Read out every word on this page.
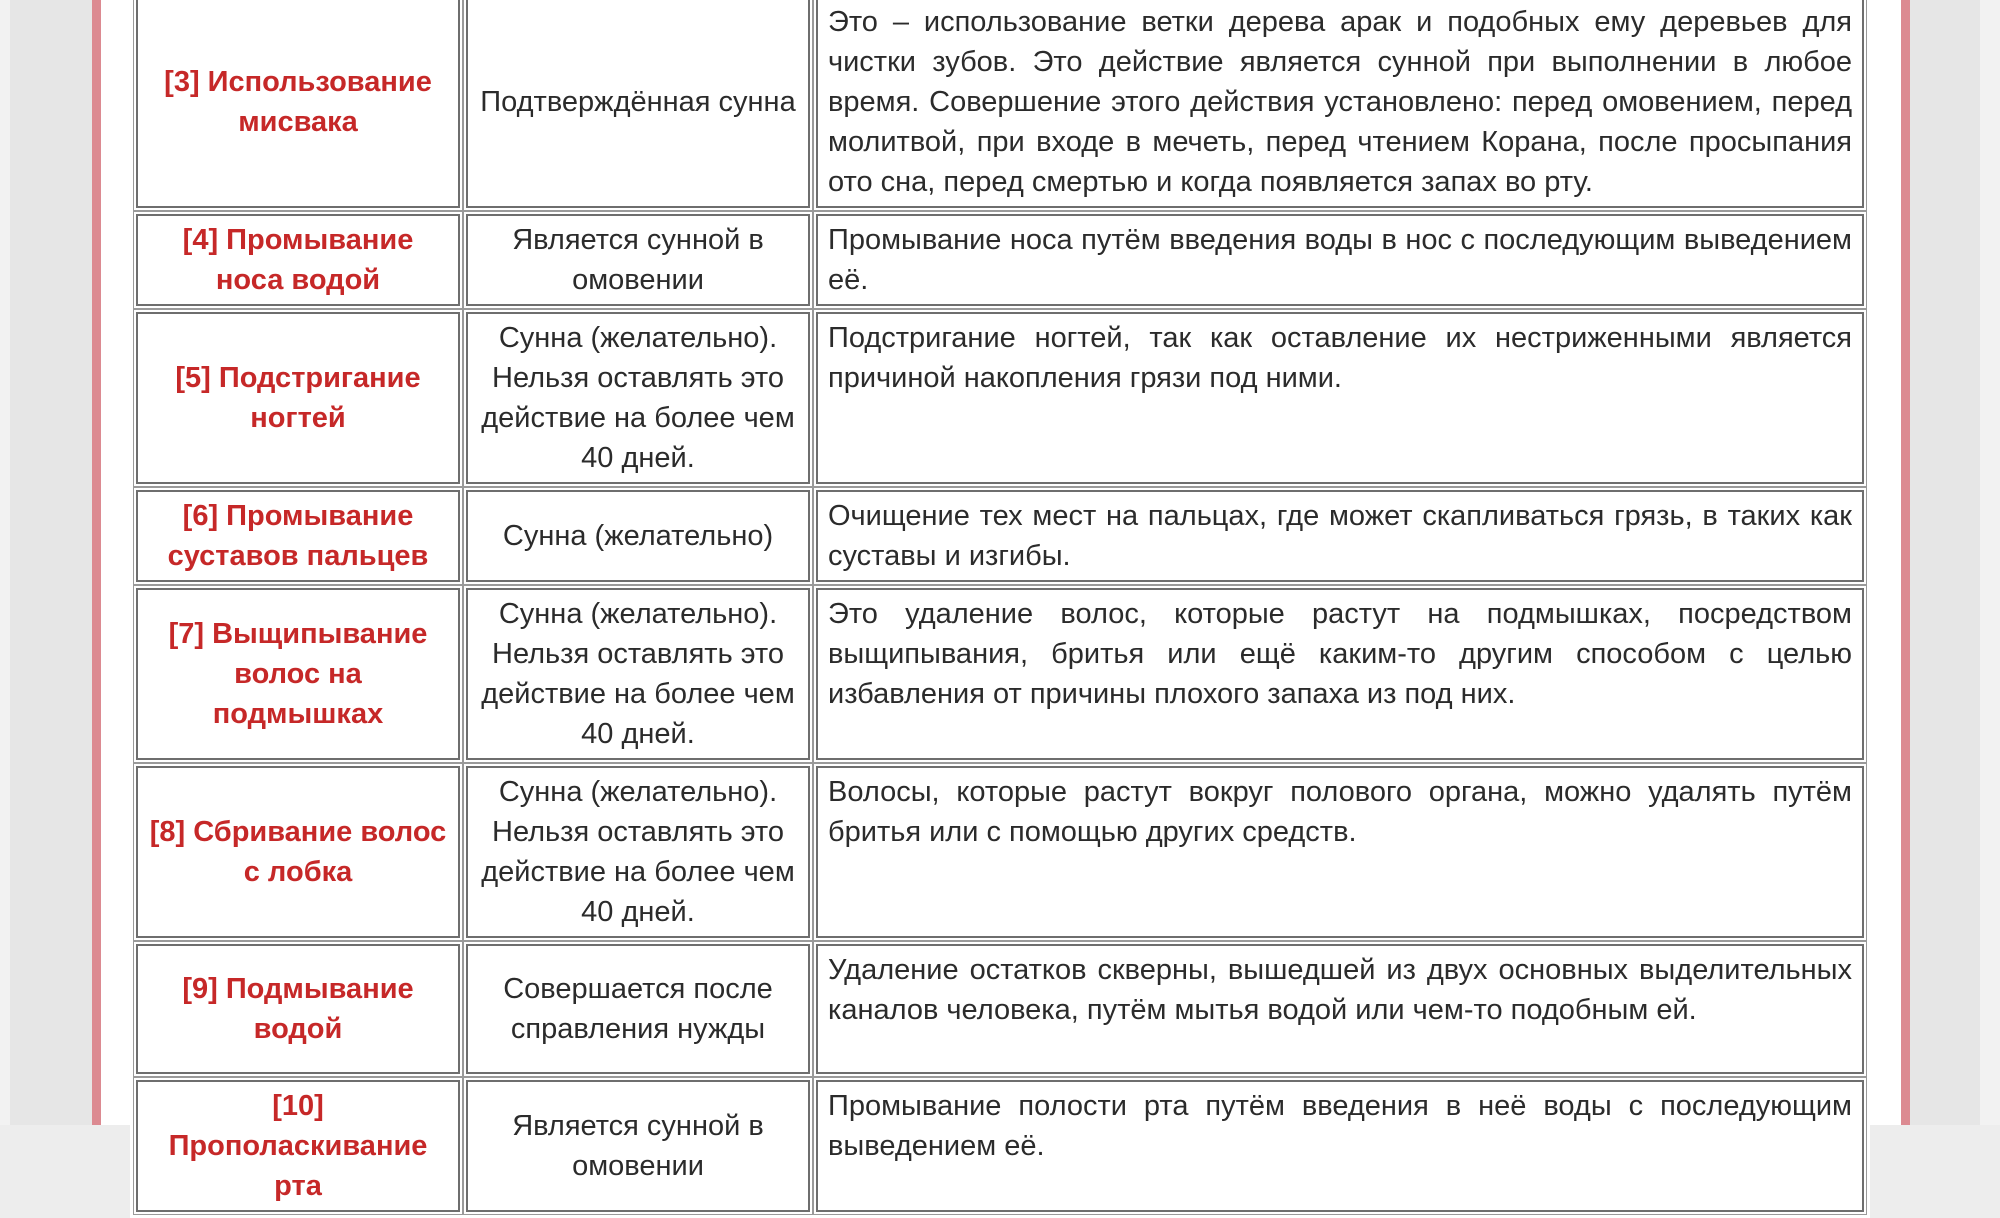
[3] Использование мисвака	Подтверждённая сунна	Это – использование ветки дерева арак и подобных ему деревьев для чистки зубов. Это действие является сунной при выполнении в любое время. Совершение этого действия установлено: перед омовением, перед молитвой, при входе в мечеть, перед чтением Корана, после просыпания ото сна, перед смертью и когда появляется запах во рту.
[4] Промывание носа водой	Является сунной в омовении	Промывание носа путём введения воды в нос с последующим выведением её.
[5] Подстригание ногтей	Сунна (желательно). Нельзя оставлять это действие на более чем 40 дней.	Подстригание ногтей, так как оставление их нестриженными является причиной накопления грязи под ними.
[6] Промывание суставов пальцев	Сунна (желательно)	Очищение тех мест на пальцах, где может скапливаться грязь, в таких как суставы и изгибы.
[7] Выщипывание волос на подмышках	Сунна (желательно). Нельзя оставлять это действие на более чем 40 дней.	Это удаление волос, которые растут на подмышках, посредством выщипывания, бритья или ещё каким-то другим способом с целью избавления от причины плохого запаха из под них.
[8] Сбривание волос с лобка	Сунна (желательно). Нельзя оставлять это действие на более чем 40 дней.	Волосы, которые растут вокруг полового органа, можно удалять путём бритья или с помощью других средств.
[9] Подмывание водой	Совершается после справления нужды	Удаление остатков скверны, вышедшей из двух основных выделительных каналов человека, путём мытья водой или чем-то подобным ей.
[10] Прополаскивание рта	Является сунной в омовении	Промывание полости рта путём введения в неё воды с последующим выведением её.
